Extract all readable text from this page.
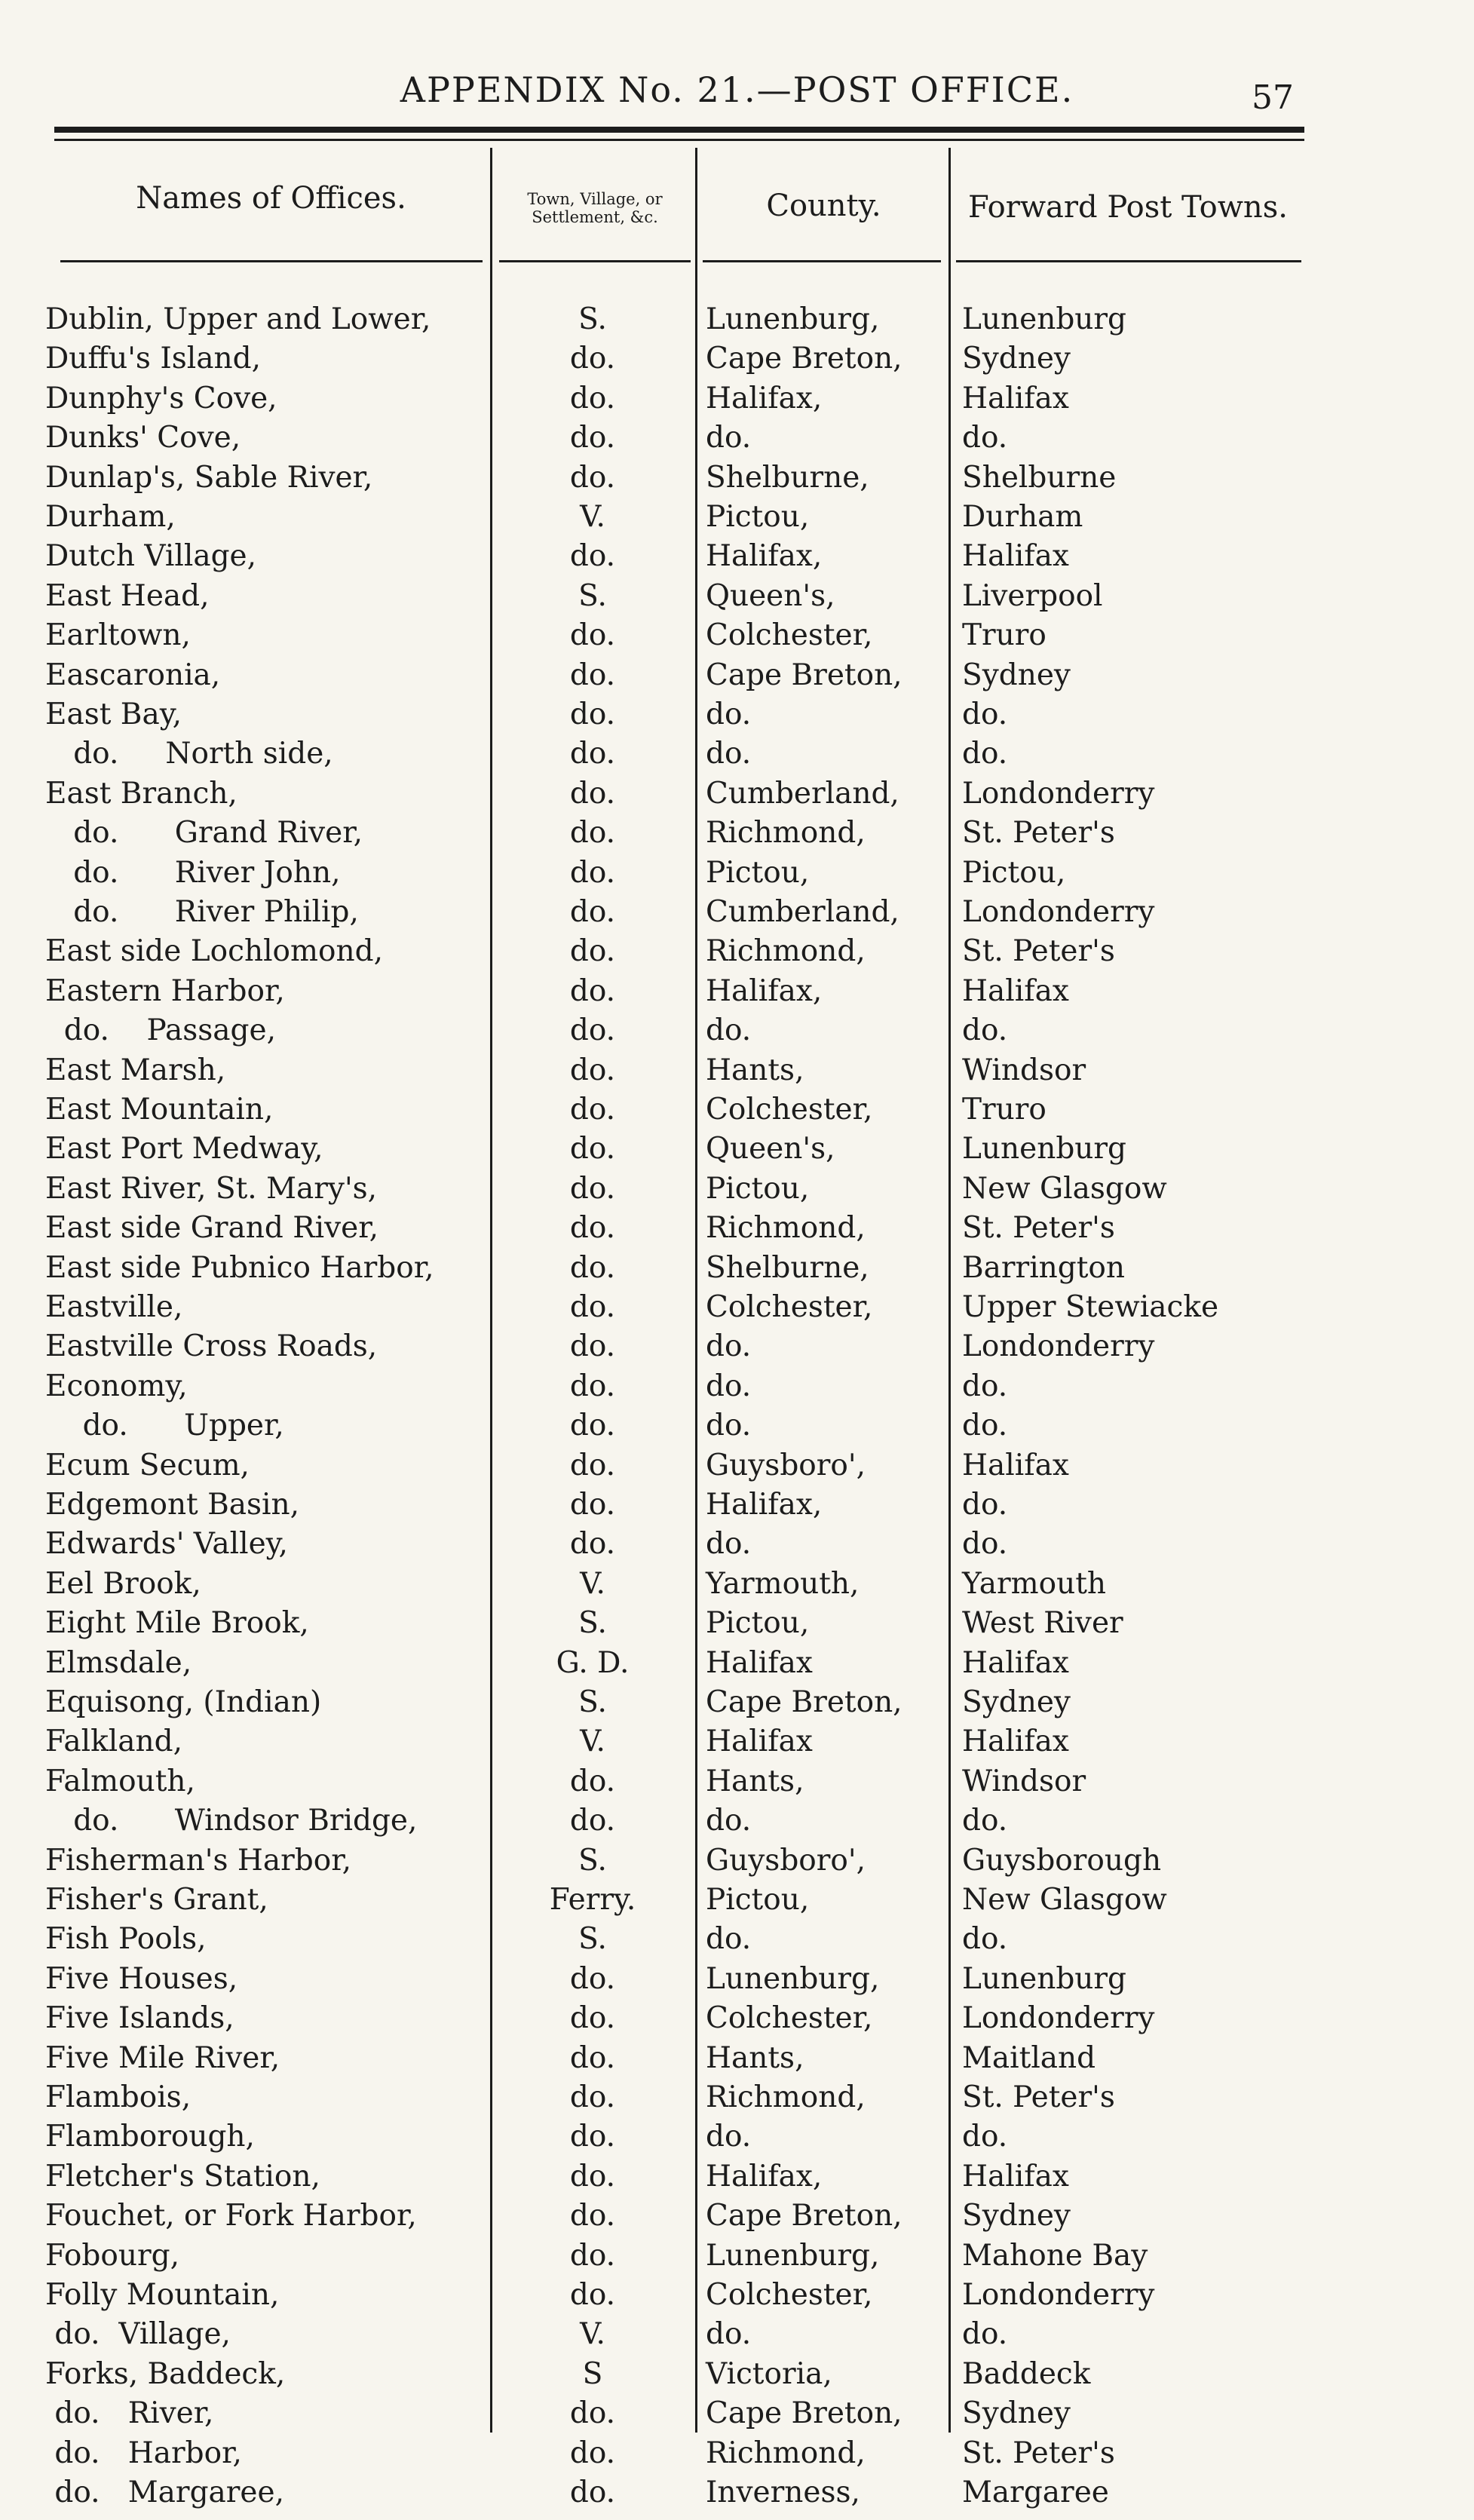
APPENDIX No. 21.—POST OFFICE.	57
Names of Offices.	Town, Village, or Settlement, &c.	County.	Forward Post Towns.
Dublin, Upper and Lower,	S.	Lunenburg,	Lunenburg
Duffu's Island,	do.	Cape Breton,	Sydney
Dunphy's Cove,	do.	Halifax,	Halifax
Dunks' Cove,	do.	do.	do.
Dunlap's, Sable River,	do.	Shelburne,	Shelburne
Durham,	V.	Pictou,	Durham
Dutch Village,	do.	Halifax,	Halifax
East Head,	S.	Queen's,	Liverpool
Earltown,	do.	Colchester,	Truro
Eascaronia,	do.	Cape Breton,	Sydney
East Bay,	do.	do.	do.
do.     North side,	do.	do.	do.
East Branch,	do.	Cumberland,	Londonderry
do.      Grand River,	do.	Richmond,	St. Peter's
do.      River John,	do.	Pictou,	Pictou,
do.      River Philip,	do.	Cumberland,	Londonderry
East side Lochlomond,	do.	Richmond,	St. Peter's
Eastern Harbor,	do.	Halifax,	Halifax
do.    Passage,	do.	do.	do.
East Marsh,	do.	Hants,	Windsor
East Mountain,	do.	Colchester,	Truro
East Port Medway,	do.	Queen's,	Lunenburg
East River, St. Mary's,	do.	Pictou,	New Glasgow
East side Grand River,	do.	Richmond,	St. Peter's
East side Pubnico Harbor,	do.	Shelburne,	Barrington
Eastville,	do.	Colchester,	Upper Stewiacke
Eastville Cross Roads,	do.	do.	Londonderry
Economy,	do.	do.	do.
do.      Upper,	do.	do.	do.
Ecum Secum,	do.	Guysboro',	Halifax
Edgemont Basin,	do.	Halifax,	do.
Edwards' Valley,	do.	do.	do.
Eel Brook,	V.	Yarmouth,	Yarmouth
Eight Mile Brook,	S.	Pictou,	West River
Elmsdale,	G. D.	Halifax	Halifax
Equisong, (Indian)	S.	Cape Breton,	Sydney
Falkland,	V.	Halifax	Halifax
Falmouth,	do.	Hants,	Windsor
do.      Windsor Bridge,	do.	do.	do.
Fisherman's Harbor,	S.	Guysboro',	Guysborough
Fisher's Grant,	Ferry.	Pictou,	New Glasgow
Fish Pools,	S.	do.	do.
Five Houses,	do.	Lunenburg,	Lunenburg
Five Islands,	do.	Colchester,	Londonderry
Five Mile River,	do.	Hants,	Maitland
Flambois,	do.	Richmond,	St. Peter's
Flamborough,	do.	do.	do.
Fletcher's Station,	do.	Halifax,	Halifax
Fouchet, or Fork Harbor,	do.	Cape Breton,	Sydney
Fobourg,	do.	Lunenburg,	Mahone Bay
Folly Mountain,	do.	Colchester,	Londonderry
do.  Village,	V.	do.	do.
Forks, Baddeck,	S	Victoria,	Baddeck
do.   River,	do.	Cape Breton,	Sydney
do.   Harbor,	do.	Richmond,	St. Peter's
do.   Margaree,	do.	Inverness,	Margaree
